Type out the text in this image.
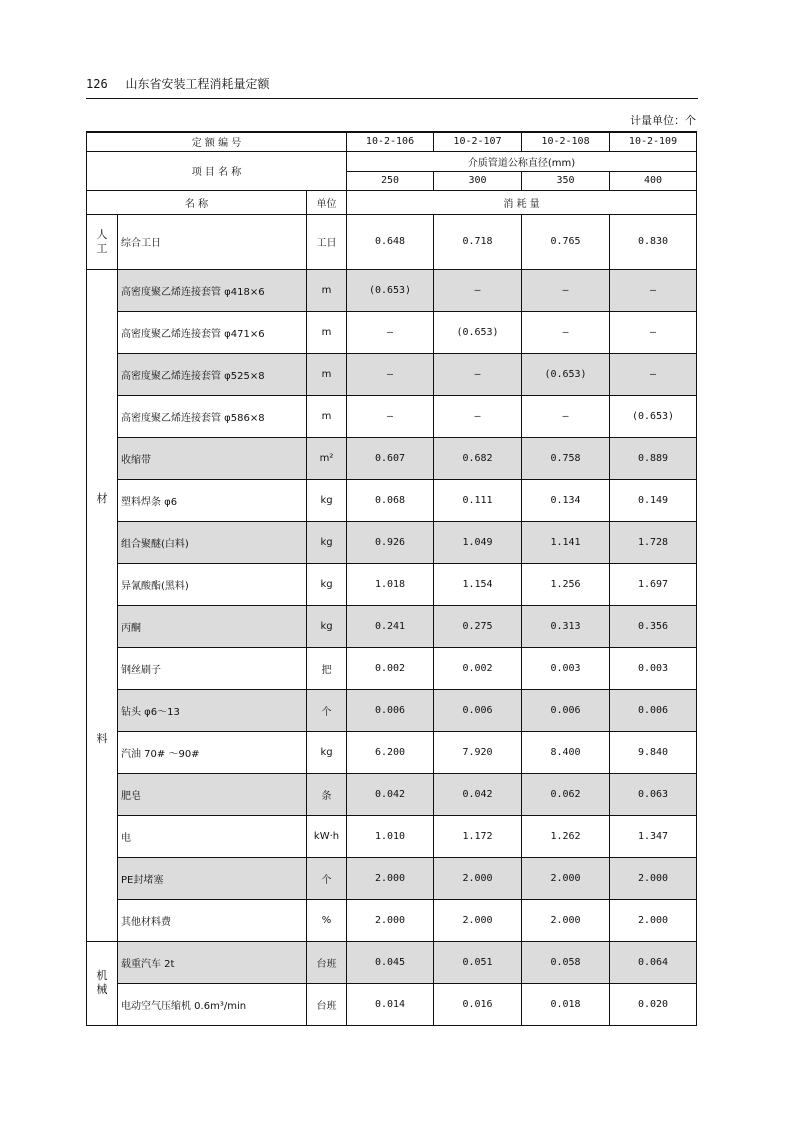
126 山东省安装工程消耗量定额
计量单位：个
定 额 编 号			10-2-106	10-2-107	10-2-108	10-2-109
项 目 名 称			介质管道公称直径(mm)			
			250	300	350	400
名 称		单位	消 耗 量			

人
工	综合工日	工日	0.648	0.718	0.765	0.830

材
料	高密度聚乙烯连接套管 φ418×6	m	(0.653)	—	—	—
	高密度聚乙烯连接套管 φ471×6	m	—	(0.653)	—	—
	高密度聚乙烯连接套管 φ525×8	m	—	—	(0.653)	—
	高密度聚乙烯连接套管 φ586×8	m	—	—	—	(0.653)
	收缩带	m²	0.607	0.682	0.758	0.889
	塑料焊条 φ6	kg	0.068	0.111	0.134	0.149
	组合聚醚(白料)	kg	0.926	1.049	1.141	1.728
	异氰酸酯(黑料)	kg	1.018	1.154	1.256	1.697
	丙酮	kg	0.241	0.275	0.313	0.356
	钢丝刷子	把	0.002	0.002	0.003	0.003
	钻头 φ6～13	个	0.006	0.006	0.006	0.006
	汽油 70# ～90#	kg	6.200	7.920	8.400	9.840
	肥皂	条	0.042	0.042	0.062	0.063
	电	kW·h	1.010	1.172	1.262	1.347
	PE封堵塞	个	2.000	2.000	2.000	2.000
	其他材料费	%	2.000	2.000	2.000	2.000

机
械	载重汽车 2t	台班	0.045	0.051	0.058	0.064
	电动空气压缩机 0.6m³/min	台班	0.014	0.016	0.018	0.020
